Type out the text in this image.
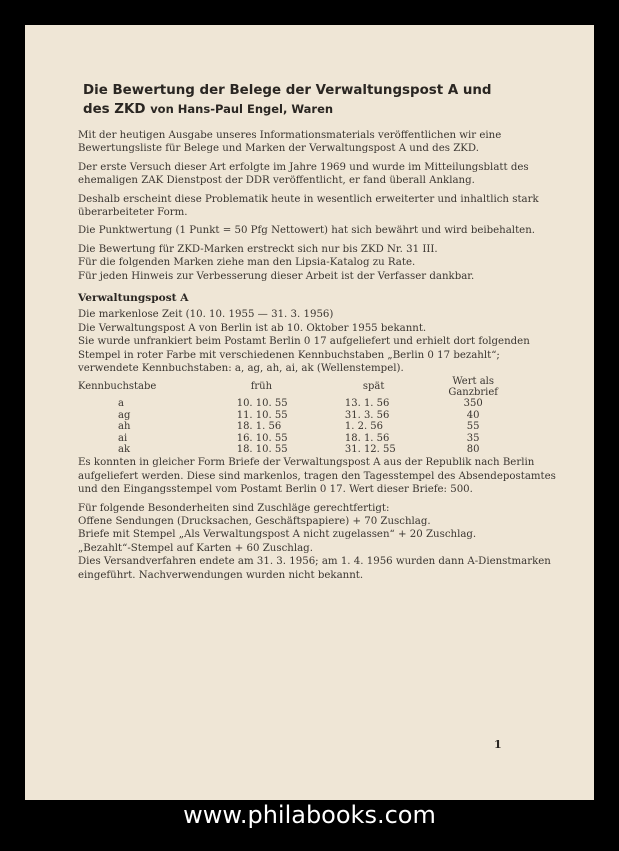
Die Bewertung der Belege der Verwaltungspost A und
des ZKD von Hans-Paul Engel, Waren

Mit der heutigen Ausgabe unseres Informationsmaterials veröffentlichen wir eine Bewertungsliste für Belege und Marken der Verwaltungspost A und des ZKD.

Der erste Versuch dieser Art erfolgte im Jahre 1969 und wurde im Mitteilungsblatt des ehemaligen ZAK Dienstpost der DDR veröffentlicht, er fand überall Anklang.

Deshalb erscheint diese Problematik heute in wesentlich erweiterter und inhaltlich stark überarbeiteter Form.

Die Punktwertung (1 Punkt = 50 Pfg Nettowert) hat sich bewährt und wird beibehalten.

Die Bewertung für ZKD-Marken erstreckt sich nur bis ZKD Nr. 31 III.

Für die folgenden Marken ziehe man den Lipsia-Katalog zu Rate.

Für jeden Hinweis zur Verbesserung dieser Arbeit ist der Verfasser dankbar.

Verwaltungspost A

Die markenlose Zeit (10. 10. 1955 — 31. 3. 1956)

Die Verwaltungspost A von Berlin ist ab 10. Oktober 1955 bekannt.

Sie wurde unfrankiert beim Postamt Berlin 0 17 aufgeliefert und erhielt dort folgenden Stempel in roter Farbe mit verschiedenen Kennbuchstaben „Berlin 0 17 bezahlt“; verwendete Kennbuchstaben: a, ag, ah, ai, ak (Wellenstempel).

Kennbuchstabe	früh	spät	Wert als Ganzbrief
a	10. 10. 55	13. 1. 56	350
ag	11. 10. 55	31. 3. 56	40
ah	18. 1. 56	1. 2. 56	55
ai	16. 10. 55	18. 1. 56	35
ak	18. 10. 55	31. 12. 55	80

Es konnten in gleicher Form Briefe der Verwaltungspost A aus der Republik nach Berlin aufgeliefert werden. Diese sind markenlos, tragen den Tagesstempel des Absendepostamtes und den Eingangsstempel vom Postamt Berlin 0 17. Wert dieser Briefe: 500.

Für folgende Besonderheiten sind Zuschläge gerechtfertigt:

Offene Sendungen (Drucksachen, Geschäftspapiere) + 70 Zuschlag.

Briefe mit Stempel „Als Verwaltungspost A nicht zugelassen“ + 20 Zuschlag.

„Bezahlt“-Stempel auf Karten + 60 Zuschlag.

Dies Versandverfahren endete am 31. 3. 1956; am 1. 4. 1956 wurden dann A-Dienstmarken eingeführt. Nachverwendungen wurden nicht bekannt.

1
www.philabooks.com
